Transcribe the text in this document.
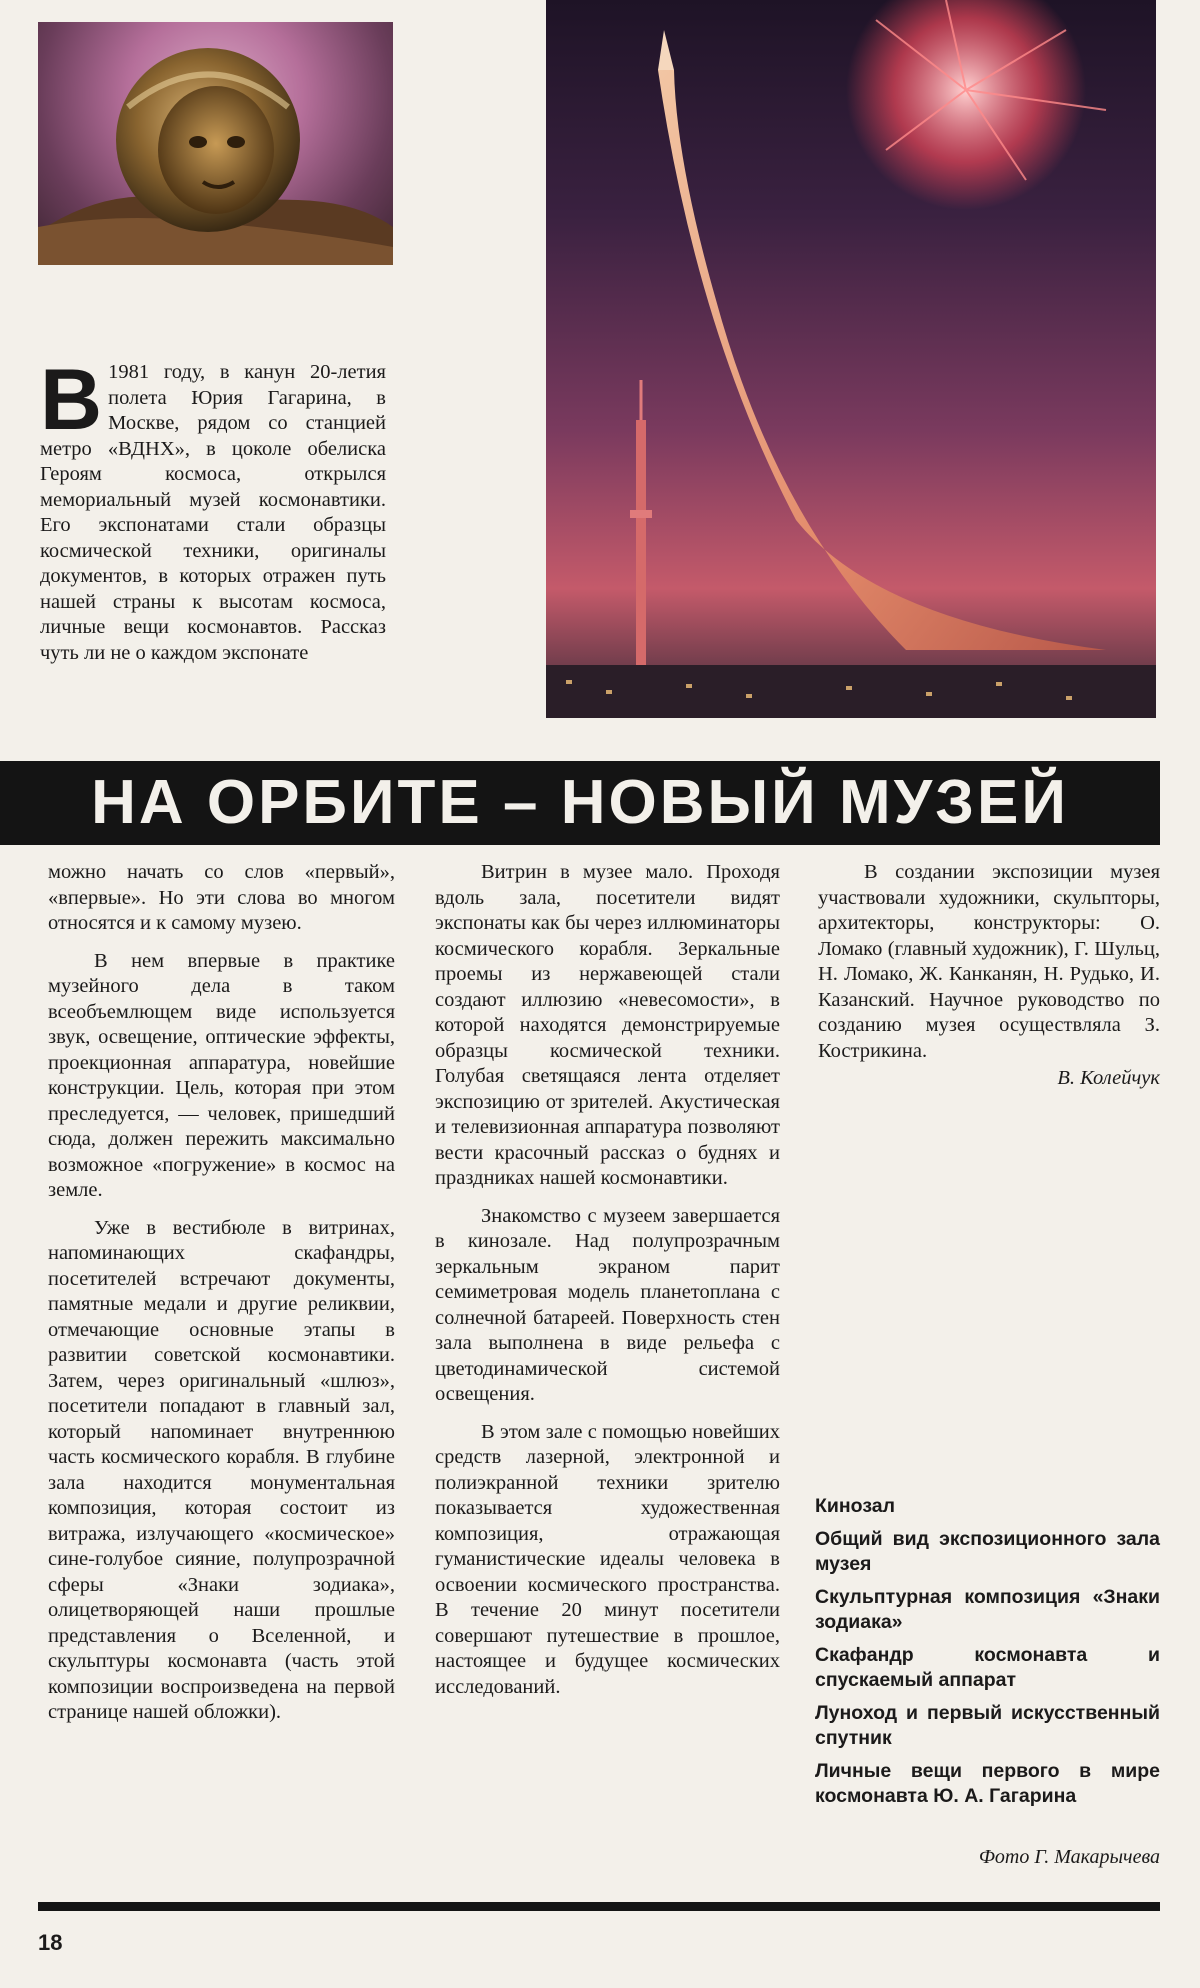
В 1981 году, в канун 20-летия полета Юрия Гагарина, в Москве, рядом со станцией метро «ВДНХ», в цоколе обелиска Героям космоса, открылся мемориальный музей космонавтики. Его экспонатами стали образцы космической техники, оригиналы документов, в которых отражен путь нашей страны к высотам космоса, личные вещи космонавтов. Рассказ чуть ли не о каждом экспонате
НА ОРБИТЕ – НОВЫЙ МУЗЕЙ

можно начать со слов «первый», «впервые». Но эти слова во многом относятся и к самому музею.

В нем впервые в практике музейного дела в таком всеобъемлющем виде используется звук, освещение, оптические эффекты, проекционная аппаратура, новейшие конструкции. Цель, которая при этом преследуется, — человек, пришедший сюда, должен пережить максимально возможное «погружение» в космос на земле.

Уже в вестибюле в витринах, напоминающих скафандры, посетителей встречают документы, памятные медали и другие реликвии, отмечающие основные этапы в развитии советской космонавтики. Затем, через оригинальный «шлюз», посетители попадают в главный зал, который напоминает внутреннюю часть космического корабля. В глубине зала находится монументальная композиция, которая состоит из витража, излучающего «космическое» сине-голубое сияние, полупрозрачной сферы «Знаки зодиака», олицетворяющей наши прошлые представления о Вселенной, и скульптуры космонавта (часть этой композиции воспроизведена на первой странице нашей обложки).

Витрин в музее мало. Проходя вдоль зала, посетители видят экспонаты как бы через иллюминаторы космического корабля. Зеркальные проемы из нержавеющей стали создают иллюзию «невесомости», в которой находятся демонстрируемые образцы космической техники. Голубая светящаяся лента отделяет экспозицию от зрителей. Акустическая и телевизионная аппаратура позволяют вести красочный рассказ о буднях и праздниках нашей космонавтики.

Знакомство с музеем завершается в кинозале. Над полупрозрачным зеркальным экраном парит семиметровая модель планетоплана с солнечной батареей. Поверхность стен зала выполнена в виде рельефа с цветодинамической системой освещения.

В этом зале с помощью новейших средств лазерной, электронной и полиэкранной техники зрителю показывается художественная композиция, отражающая гуманистические идеалы человека в освоении космического пространства. В течение 20 минут посетители совершают путешествие в прошлое, настоящее и будущее космических исследований.

В создании экспозиции музея участвовали художники, скульпторы, архитекторы, конструкторы: О. Ломако (главный художник), Г. Шульц, Н. Ломако, Ж. Канканян, Н. Рудько, И. Казанский. Научное руководство по созданию музея осуществляла З. Кострикина.

В. Колейчук
Кинозал
Общий вид экспозиционного зала музея
Скульптурная композиция «Знаки зодиака»
Скафандр космонавта и спускаемый аппарат
Луноход и первый искусственный спутник
Личные вещи первого в мире космонавта Ю. А. Гагарина
Фото Г. Макарычева
18
